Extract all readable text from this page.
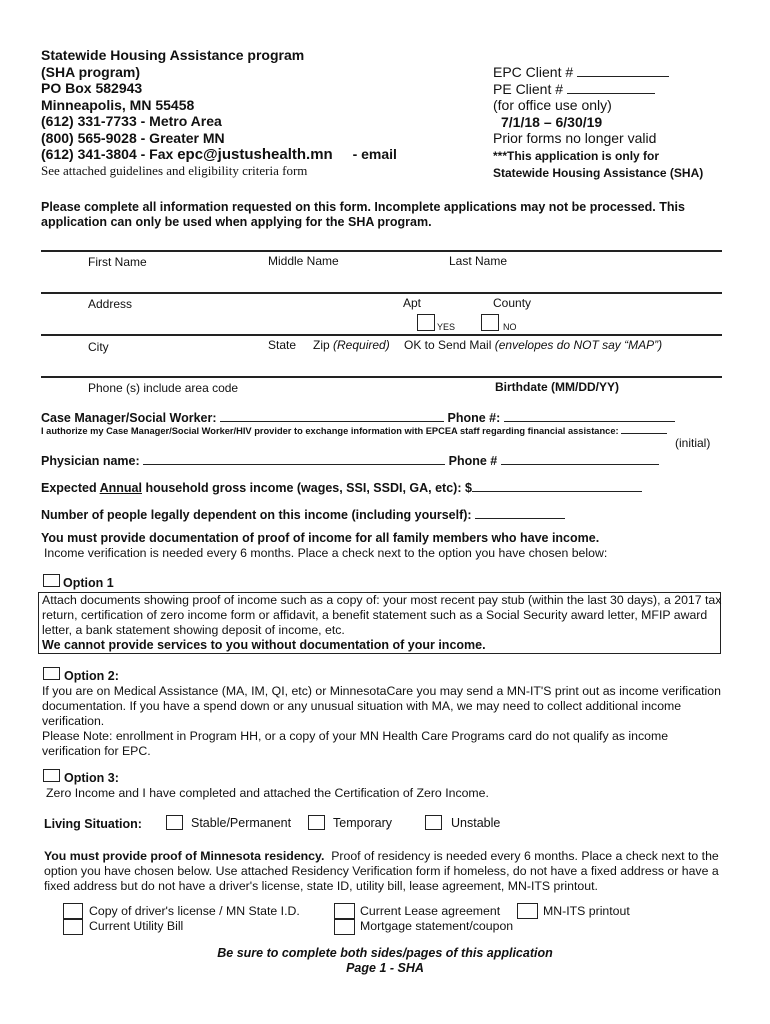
Statewide Housing Assistance program
(SHA program)
PO Box 582943
Minneapolis, MN 55458
(612) 331-7733 - Metro Area
(800) 565-9028 - Greater MN
(612) 341-3804 - Fax epc@justushealth.mn - email
See attached guidelines and eligibility criteria form
EPC Client #
PE Client #
(for office use only)
7/1/18 – 6/30/19
Prior forms no longer valid
***This application is only for
Statewide Housing Assistance (SHA)
Please complete all information requested on this form. Incomplete applications may not be processed. This application can only be used when applying for the SHA program.
First Name	Middle Name	Last Name
Address	Apt	County
YES	NO
City	State Zip (Required) OK to Send Mail (envelopes do NOT say “MAP”)
Phone (s) include area code	Birthdate (MM/DD/YY)
Case Manager/Social Worker:	Phone #:
I authorize my Case Manager/Social Worker/HIV provider to exchange information with EPCEA staff regarding financial assistance:
(initial)
Physician name:	Phone #
Expected Annual household gross income (wages, SSI, SSDI, GA, etc): $
Number of people legally dependent on this income (including yourself):
You must provide documentation of proof of income for all family members who have income.
Income verification is needed every 6 months. Place a check next to the option you have chosen below:
Option 1
Attach documents showing proof of income such as a copy of: your most recent pay stub (within the last 30 days), a 2017 tax return, certification of zero income form or affidavit, a benefit statement such as a Social Security award letter, MFIP award letter, a bank statement showing deposit of income, etc.
We cannot provide services to you without documentation of your income.
Option 2:
If you are on Medical Assistance (MA, IM, QI, etc) or MinnesotaCare you may send a MN-IT'S print out as income verification documentation. If you have a spend down or any unusual situation with MA, we may need to collect additional income verification.
Please Note: enrollment in Program HH, or a copy of your MN Health Care Programs card do not qualify as income verification for EPC.
Option 3:
Zero Income and I have completed and attached the Certification of Zero Income.
Living Situation:	Stable/Permanent	Temporary	Unstable
You must provide proof of Minnesota residency. Proof of residency is needed every 6 months. Place a check next to the option you have chosen below. Use attached Residency Verification form if homeless, do not have a fixed address or have a fixed address but do not have a driver's license, state ID, utility bill, lease agreement, MN-ITS printout.
Copy of driver's license / MN State I.D.
Current Utility Bill
Current Lease agreement
Mortgage statement/coupon
MN-ITS printout
Be sure to complete both sides/pages of this application
Page 1 - SHA
